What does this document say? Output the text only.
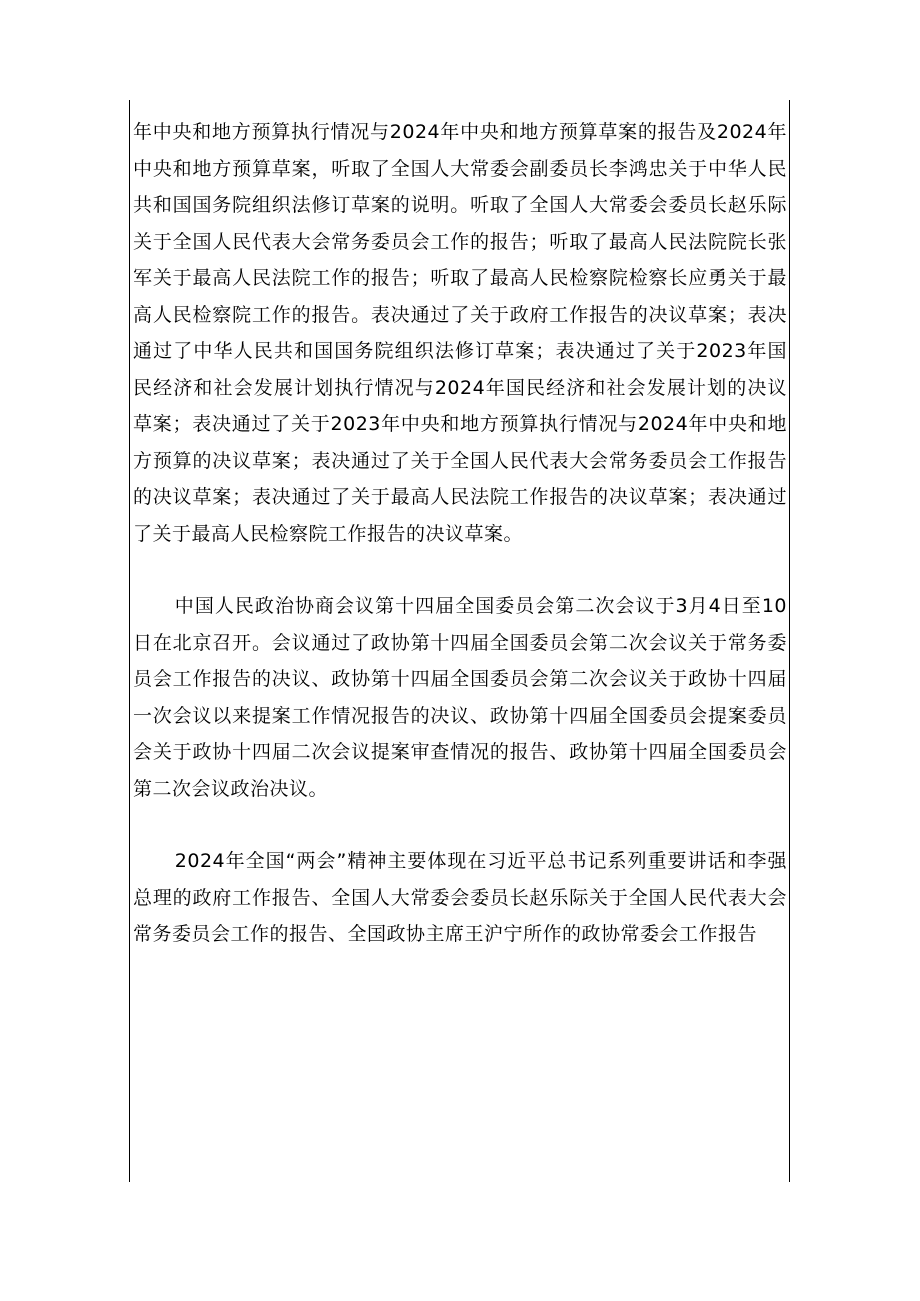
年中央和地方预算执行情况与2024年中央和地方预算草案的报告及2024年中央和地方预算草案，听取了全国人大常委会副委员长李鸿忠关于中华人民共和国国务院组织法修订草案的说明。听取了全国人大常委会委员长赵乐际关于全国人民代表大会常务委员会工作的报告；听取了最高人民法院院长张军关于最高人民法院工作的报告；听取了最高人民检察院检察长应勇关于最高人民检察院工作的报告。表决通过了关于政府工作报告的决议草案；表决通过了中华人民共和国国务院组织法修订草案；表决通过了关于2023年国民经济和社会发展计划执行情况与2024年国民经济和社会发展计划的决议草案；表决通过了关于2023年中央和地方预算执行情况与2024年中央和地方预算的决议草案；表决通过了关于全国人民代表大会常务委员会工作报告的决议草案；表决通过了关于最高人民法院工作报告的决议草案；表决通过了关于最高人民检察院工作报告的决议草案。

中国人民政治协商会议第十四届全国委员会第二次会议于3月4日至10日在北京召开。会议通过了政协第十四届全国委员会第二次会议关于常务委员会工作报告的决议、政协第十四届全国委员会第二次会议关于政协十四届一次会议以来提案工作情况报告的决议、政协第十四届全国委员会提案委员会关于政协十四届二次会议提案审查情况的报告、政协第十四届全国委员会第二次会议政治决议。

2024年全国“两会”精神主要体现在习近平总书记系列重要讲话和李强总理的政府工作报告、全国人大常委会委员长赵乐际关于全国人民代表大会常务委员会工作的报告、全国政协主席王沪宁所作的政协常委会工作报告
